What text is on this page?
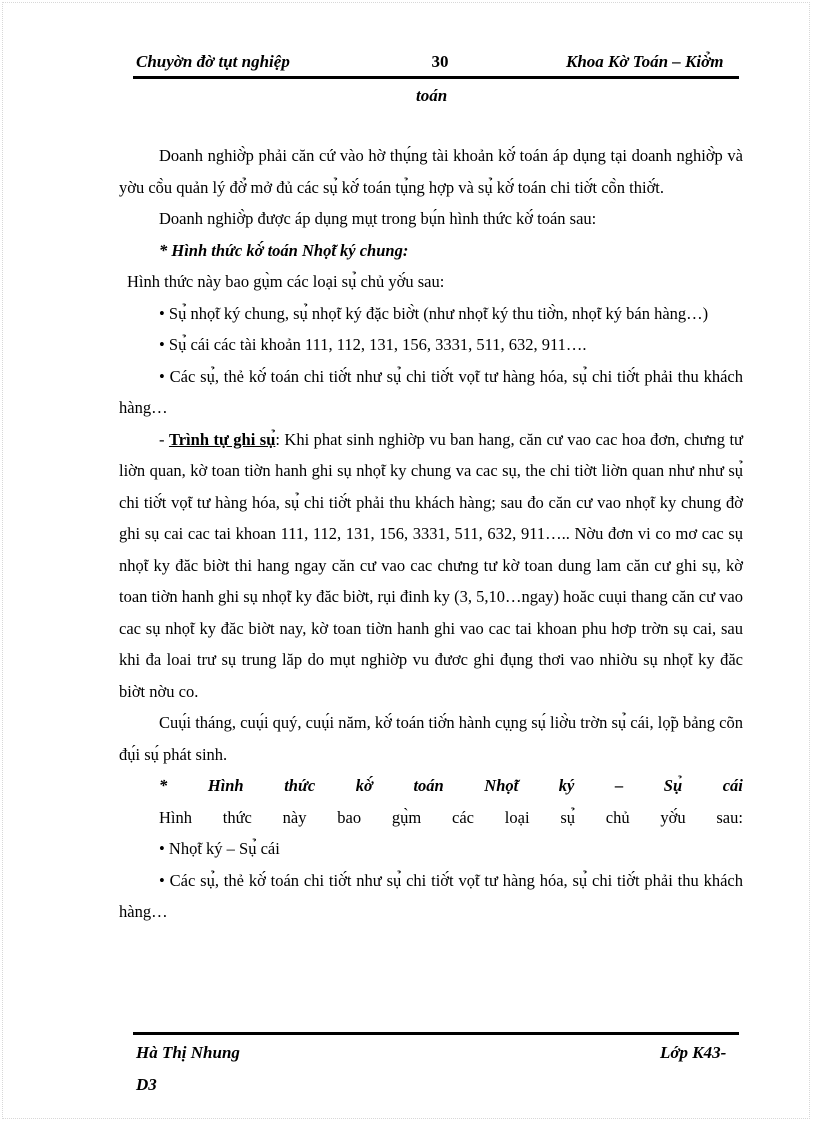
Chuyờn đờ tụt nghiệp	30	Khoa Kờ Toán – Kiờ̉m
toán

Doanh nghiờ̀p phải căn cứ vào hờ thụ́ng tài khoản kờ́ toán áp dụng tại doanh nghiờ̀p và yờu cõ̀u quản lý đờ̉ mở đủ các sụ̉ kờ́ toán tụ̉ng hợp và sụ̉ kờ́ toán chi tiờ́t cõ̀n thiờ́t.

Doanh nghiờ̀p được áp dụng mụ̣t trong bụ́n hình thức kờ́ toán sau:

* Hình thức kờ́ toán Nhọ̃t ký chung:

Hình thức này bao gụ̀m các loại sụ̉ chủ yờ́u sau:

• Sụ̉ nhọ̃t ký chung, sụ̉ nhọ̃t ký đặc biờ̀t (như nhọ̃t ký thu tiờ̀n, nhọ̃t ký bán hàng…)

• Sụ̉ cái các tài khoản 111, 112, 131, 156, 3331, 511, 632, 911….

• Các sụ̉, thẻ kờ́ toán chi tiờ́t như sụ̉ chi tiờ́t vọ̃t tư hàng hóa, sụ̉ chi tiờ́t phải thu khách hàng…

- Trình tự ghi sụ̉: Khi phat sinh nghiờp vu ban hang, căn cư vao cac hoa đơn, chưng tư liờn quan, kờ toan tiờn hanh ghi sụ nhọ̃t ky chung va cac sụ, the chi tiờt liờn quan như như sụ̉ chi tiờ́t vọ̃t tư hàng hóa, sụ̉ chi tiờ́t phải thu khách hàng; sau đo căn cư vao nhọ̃t ky chung đờ ghi sụ cai cac tai khoan 111, 112, 131, 156, 3331, 511, 632, 911….. Nờu đơn vi co mơ cac sụ nhọ̃t ky đăc biờt thi hang ngay căn cư vao cac chưng tư kờ toan dung lam căn cư ghi sụ, kờ toan tiờn hanh ghi sụ nhọ̃t ky đăc biờt, rụi đinh ky (3, 5,10…ngay) hoăc cuụi thang căn cư vao cac sụ nhọ̃t ky đăc biờt nay, kờ toan tiờn hanh ghi vao cac tai khoan phu hơp trờn sụ cai, sau khi đa loai trư sụ trung lăp do mụt nghiờp vu đươc ghi đụng thơi vao nhiờu sụ nhọ̃t ky đăc biờt nờu co.

Cuụ́i tháng, cuụ́i quý, cuụ́i năm, kờ́ toán tiờ́n hành cụ̣ng sụ́ liờ̀u trờn sụ̉ cái, lọ̃p bảng cõn đụ́i sụ́ phát sinh.

* Hình thức kờ́ toán Nhọ̃t ký – Sụ̉ cái
Hình thức này bao gụ̀m các loại sụ̉ chủ yờ́u sau:

• Nhọ̃t ký – Sụ̉ cái

• Các sụ̉, thẻ kờ́ toán chi tiờ́t như sụ̉ chi tiờ́t vọ̃t tư hàng hóa, sụ̉ chi tiờ́t phải thu khách hàng…

Hà Thị Nhung	Lớp K43-
D3
